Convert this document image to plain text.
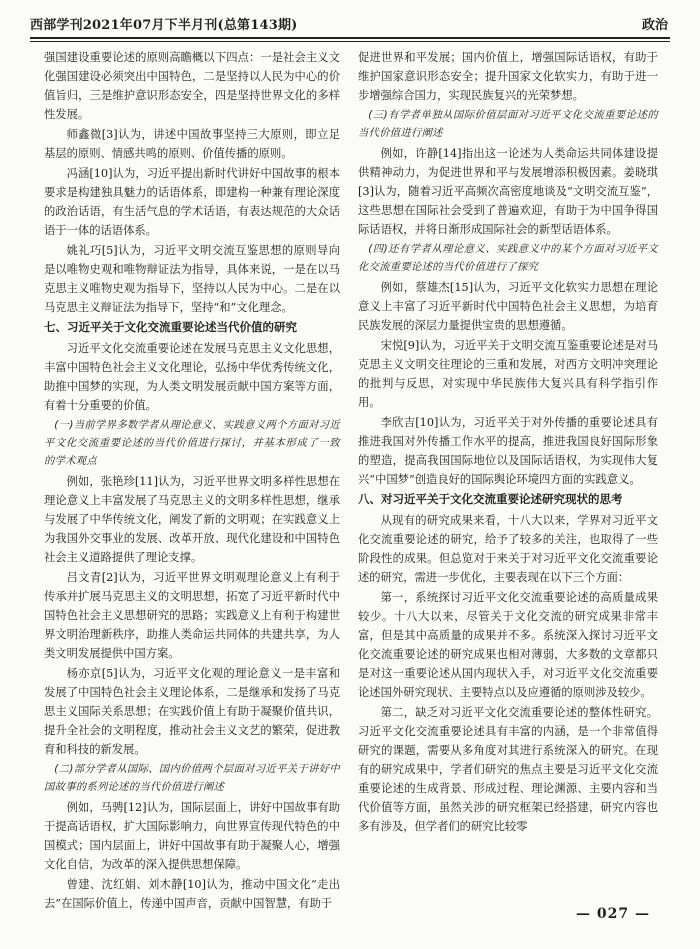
西部学刊2021年07月下半月刊(总第143期)	政治

强国建设重要论述的原则高瞻概以下四点：一是社会主义文化强国建设必须突出中国特色，二是坚持以人民为中心的价值旨归，三是维护意识形态安全，四是坚持世界文化的多样性发展。

师鑫微[3]认为，讲述中国故事坚持三大原则，即立足基层的原则、情感共鸣的原则、价值传播的原则。

冯涵[10]认为，习近平提出新时代讲好中国故事的根本要求是构建独具魅力的话语体系，即建构一种兼有理论深度的政治话语，有生活气息的学术话语，有表达规范的大众话语于一体的话语体系。

姚礼巧[5]认为，习近平文明交流互鉴思想的原则导向是以唯物史观和唯物辩证法为指导，具体来说，一是在以马克思主义唯物史观为指导下，坚持以人民为中心。二是在以马克思主义辩证法为指导下，坚持“和”文化理念。

七、习近平关于文化交流重要论述当代价值的研究

习近平文化交流重要论述在发展马克思主义文化思想，丰富中国特色社会主义文化理论，弘扬中华优秀传统文化，助推中国梦的实现，为人类文明发展贡献中国方案等方面，有着十分重要的价值。

(一)当前学界多数学者从理论意义、实践意义两个方面对习近平文化交流重要论述的当代价值进行探讨，并基本形成了一致的学术观点

例如，张艳珍[11]认为，习近平世界文明多样性思想在理论意义上丰富发展了马克思主义的文明多样性思想，继承与发展了中华传统文化，阐发了新的文明观；在实践意义上为我国外交事业的发展、改革开放、现代化建设和中国特色社会主义道路提供了理论支撑。

吕文青[2]认为，习近平世界文明观理论意义上有利于传承并扩展马克思主义的文明思想，拓宽了习近平新时代中国特色社会主义思想研究的思路；实践意义上有利于构建世界文明治理新秩序，助推人类命运共同体的共建共享，为人类文明发展提供中国方案。

杨亦京[5]认为，习近平文化观的理论意义一是丰富和发展了中国特色社会主义理论体系，二是继承和发扬了马克思主义国际关系思想；在实践价值上有助于凝聚价值共识，提升全社会的文明程度，推动社会主义文艺的繁荣，促进教育和科技的新发展。

(二)部分学者从国际、国内价值两个层面对习近平关于讲好中国故事的系列论述的当代价值进行阐述

例如，马骋[12]认为，国际层面上，讲好中国故事有助于提高话语权，扩大国际影响力，向世界宣传现代特色的中国模式；国内层面上，讲好中国故事有助于凝聚人心，增强文化自信，为改革的深入提供思想保障。

曾建、沈红娟、刘木静[10]认为，推动中国文化“走出去”在国际价值上，传递中国声音，贡献中国智慧，有助于

促进世界和平发展；国内价值上，增强国际话语权，有助于维护国家意识形态安全；提升国家文化软实力，有助于进一步增强综合国力，实现民族复兴的光荣梦想。

(三)有学者单独从国际价值层面对习近平文化交流重要论述的当代价值进行阐述

例如，许静[14]指出这一论述为人类命运共同体建设提供精神动力，为促进世界和平与发展增添积极因素。姜晓琪[3]认为，随着习近平高频次高密度地谈及“文明交流互鉴”，这些思想在国际社会受到了普遍欢迎，有助于为中国争得国际话语权，并将日渐形成国际社会的新型话语体系。

(四)还有学者从理论意义、实践意义中的某个方面对习近平文化交流重要论述的当代价值进行了探究

例如，蔡雄杰[15]认为，习近平文化软实力思想在理论意义上丰富了习近平新时代中国特色社会主义思想，为培育民族发展的深层力量提供宝贵的思想遵循。

宋悦[9]认为，习近平关于文明交流互鉴重要论述是对马克思主义文明交往理论的三重和发展，对西方文明冲突理论的批判与反思，对实现中华民族伟大复兴具有科学指引作用。

李欣吉[10]认为，习近平关于对外传播的重要论述具有推进我国对外传播工作水平的提高，推进我国良好国际形象的塑造，提高我国国际地位以及国际话语权，为实现伟大复兴“中国梦”创造良好的国际舆论环境四方面的实践意义。

八、对习近平关于文化交流重要论述研究现状的思考

从现有的研究成果来看，十八大以来，学界对习近平文化交流重要论述的研究，给予了较多的关注，也取得了一些阶段性的成果。但总览对于来关于对习近平文化交流重要论述的研究，需进一步优化，主要表现在以下三个方面：

第一，系统探讨习近平文化交流重要论述的高质量成果较少。十八大以来，尽管关于文化交流的研究成果非常丰富，但是其中高质量的成果并不多。系统深入探讨习近平文化交流重要论述的研究成果也相对薄弱，大多数的文章都只是对这一重要论述从国内现状入手，对习近平文化交流重要论述国外研究现状、主要特点以及应遵循的原则涉及较少。

第二，缺乏对习近平文化交流重要论述的整体性研究。习近平文化交流重要论述具有丰富的内涵，是一个非常值得研究的课题，需要从多角度对其进行系统深入的研究。在现有的研究成果中，学者们研究的焦点主要是习近平文化交流重要论述的生成背景、形成过程、理论渊源、主要内容和当代价值等方面，虽然关涉的研究框架已经搭建，研究内容也多有涉及，但学者们的研究比较零

— 027 —
